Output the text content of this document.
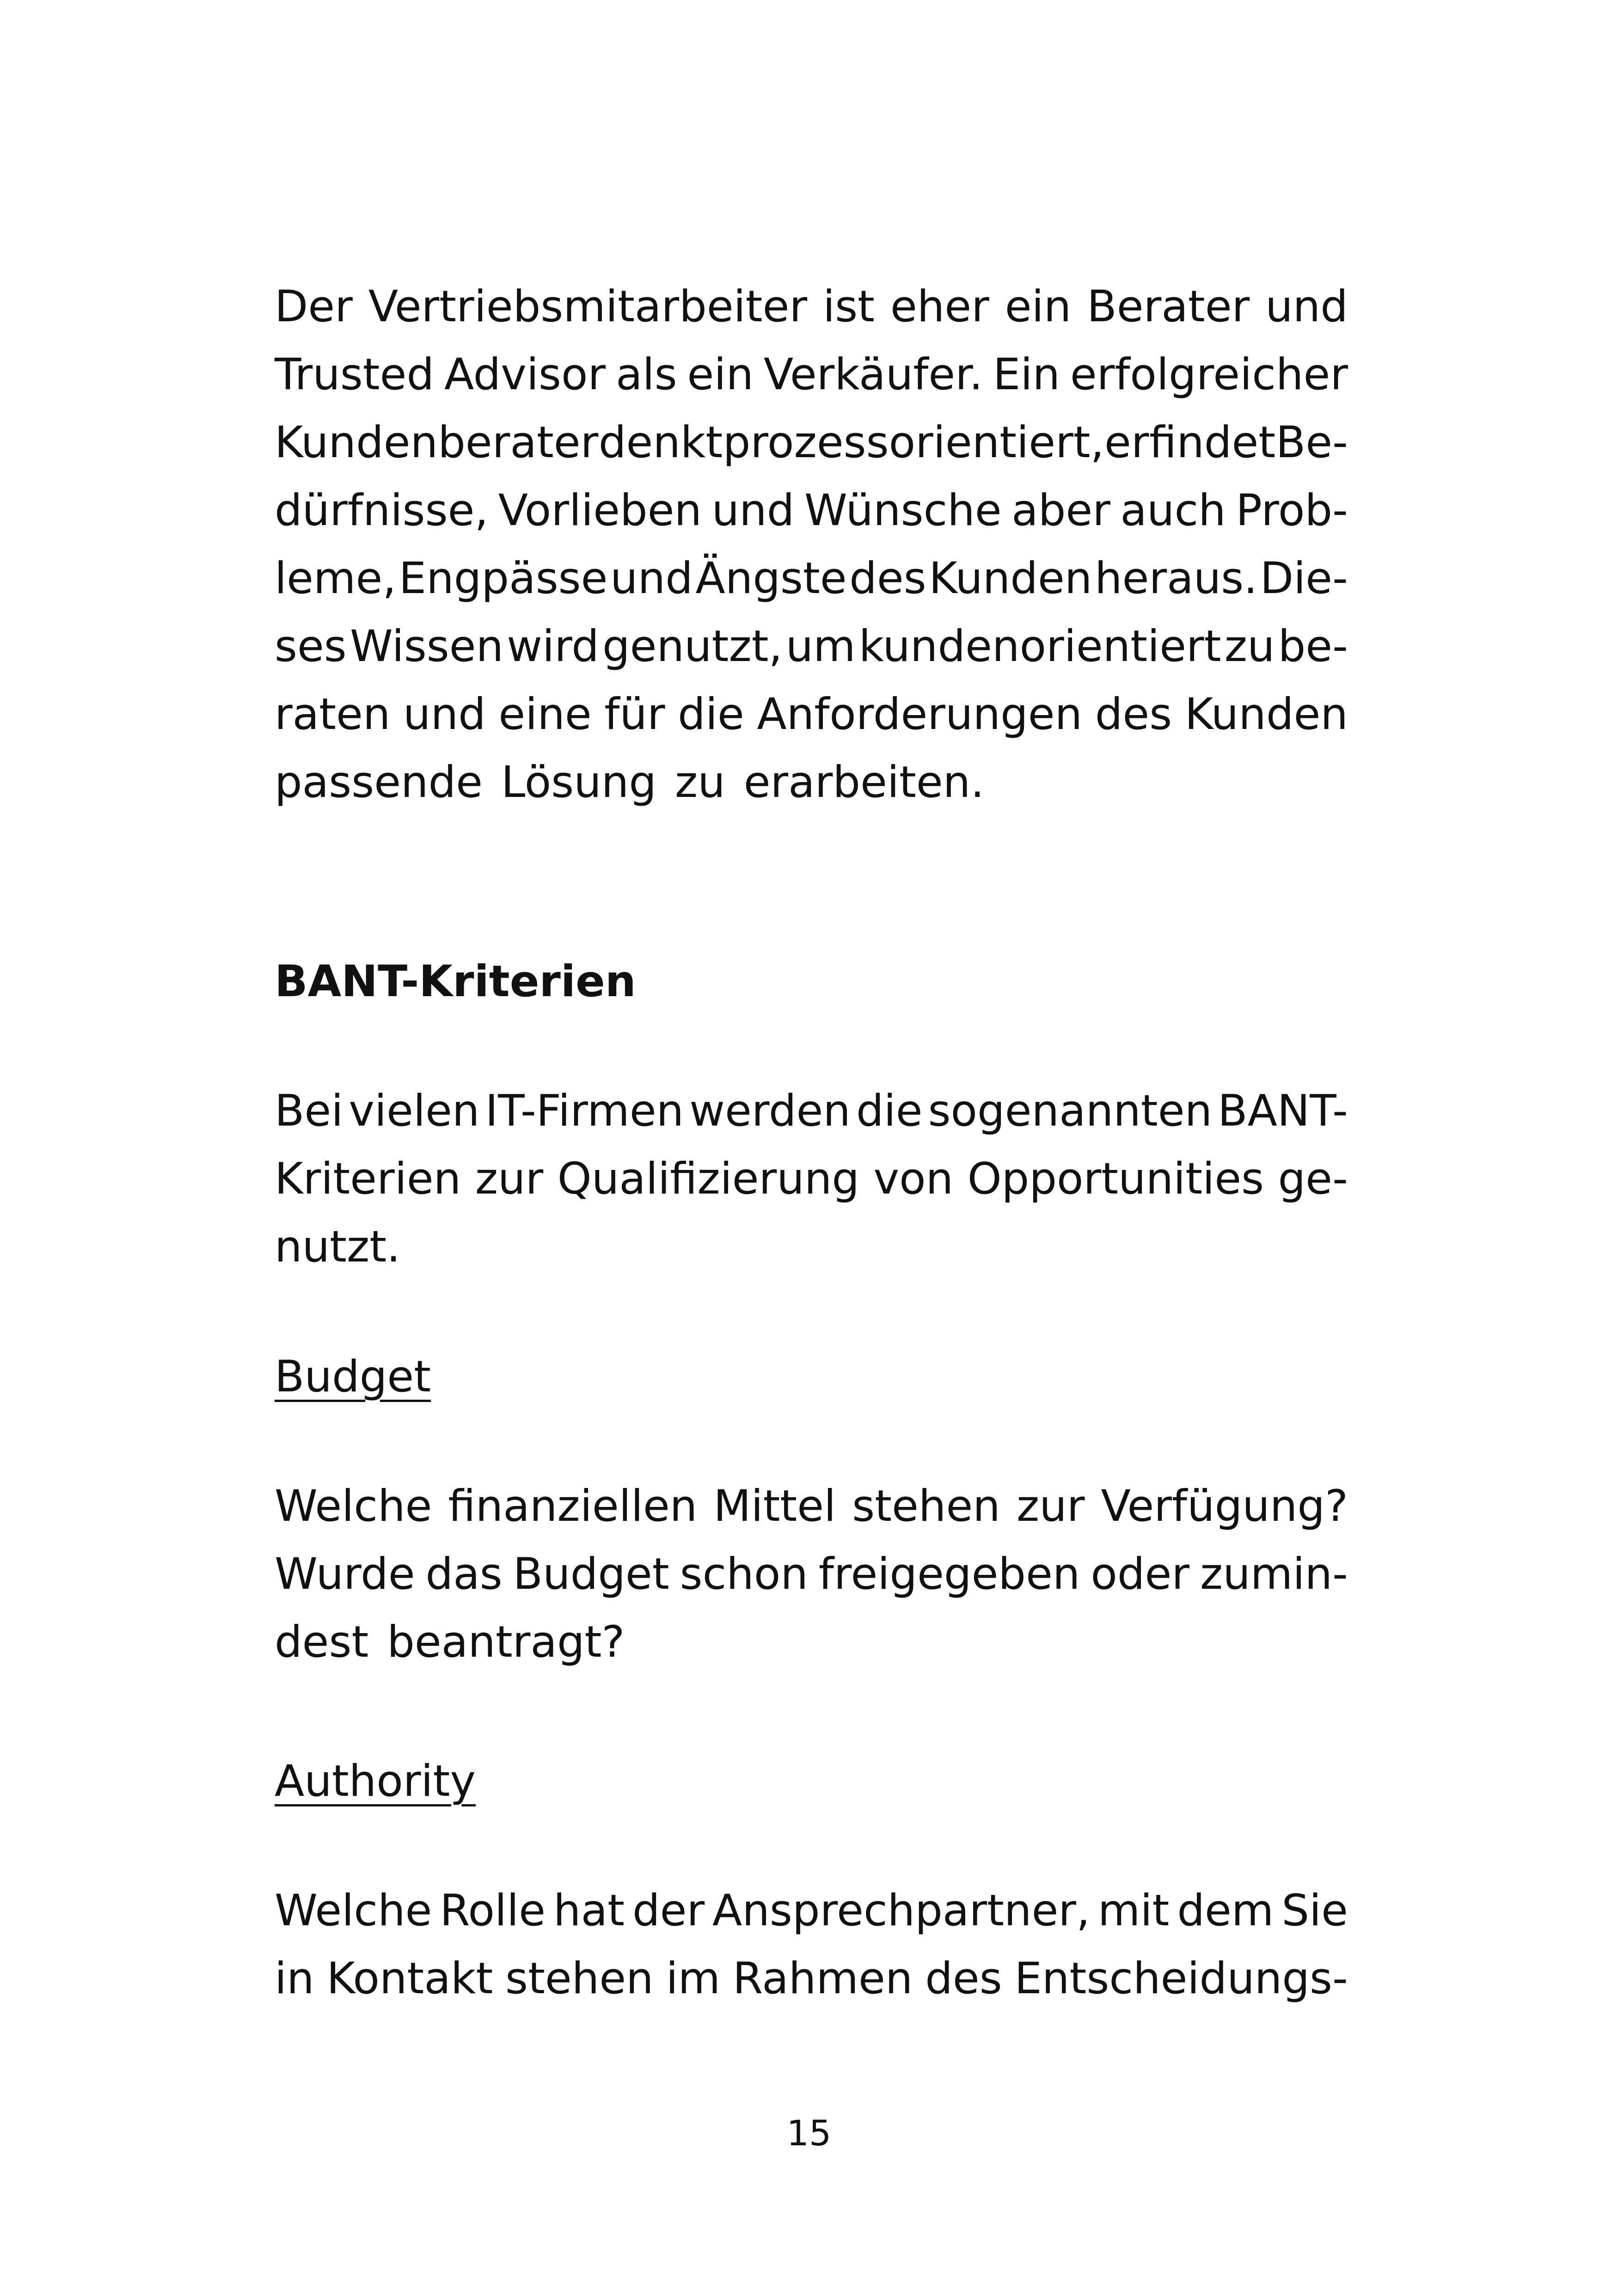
Der Vertriebsmitarbeiter ist eher ein Berater und
Trusted Advisor als ein Verkäufer. Ein erfolgreicher
Kundenberater denkt prozessorientiert, er findet Be-
dürfnisse, Vorlieben und Wünsche aber auch Prob-
leme, Engpässe und Ängste des Kunden heraus. Die-
ses Wissen wird genutzt, um kundenorientiert zu be-
raten und eine für die Anforderungen des Kunden
passende Lösung zu erarbeiten.
BANT-Kriterien
Bei vielen IT-Firmen werden die sogenannten BANT-
Kriterien zur Qualifizierung von Opportunities ge-
nutzt.
Budget
Welche finanziellen Mittel stehen zur Verfügung?
Wurde das Budget schon freigegeben oder zumin-
dest beantragt?
Authority
Welche Rolle hat der Ansprechpartner, mit dem Sie
in Kontakt stehen im Rahmen des Entscheidungs-
15
